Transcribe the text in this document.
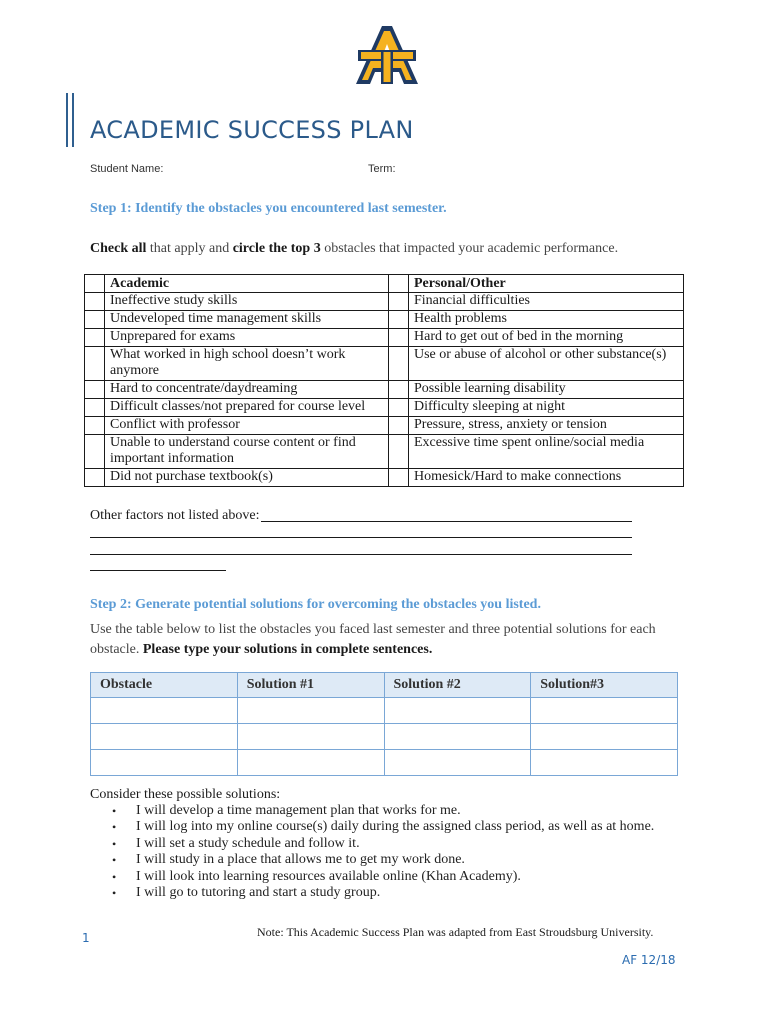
ACADEMIC SUCCESS PLAN
Student Name:	Term:
Step 1: Identify the obstacles you encountered last semester.
Check all that apply and circle the top 3 obstacles that impacted your academic performance.
	Academic		Personal/Other
	Ineffective study skills		Financial difficulties
	Undeveloped time management skills		Health problems
	Unprepared for exams		Hard to get out of bed in the morning
	What worked in high school doesn’t work anymore		Use or abuse of alcohol or other substance(s)
	Hard to concentrate/daydreaming		Possible learning disability
	Difficult classes/not prepared for course level		Difficulty sleeping at night
	Conflict with professor		Pressure, stress, anxiety or tension
	Unable to understand course content or find important information		Excessive time spent online/social media
	Did not purchase textbook(s)		Homesick/Hard to make connections
Other factors not listed above:
Step 2: Generate potential solutions for overcoming the obstacles you listed.
Use the table below to list the obstacles you faced last semester and three potential solutions for each obstacle. Please type your solutions in complete sentences.
Obstacle	Solution #1	Solution #2	Solution#3

Consider these possible solutions:
• I will develop a time management plan that works for me.
• I will log into my online course(s) daily during the assigned class period, as well as at home.
• I will set a study schedule and follow it.
• I will study in a place that allows me to get my work done.
• I will look into learning resources available online (Khan Academy).
• I will go to tutoring and start a study group.
Note: This Academic Success Plan was adapted from East Stroudsburg University.
1
AF 12/18
